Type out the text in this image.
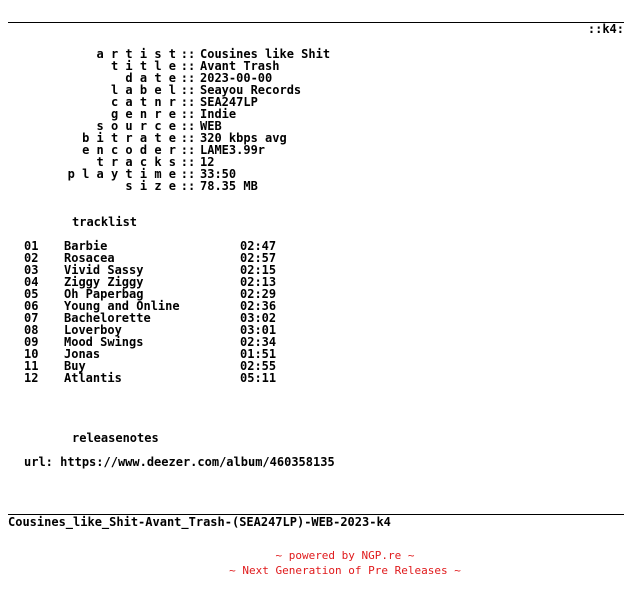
::k4:
a r t i s t :: Cousines like Shit
t i t l e :: Avant Trash
d a t e :: 2023-00-00
l a b e l :: Seayou Records
c a t n r :: SEA247LP
g e n r e :: Indie
s o u r c e :: WEB
b i t r a t e :: 320 kbps avg
e n c o d e r :: LAME3.99r
t r a c k s :: 12
p l a y t i m e :: 33:50
s i z e :: 78.35 MB
tracklist
01	Barbie	02:47
02	Rosacea	02:57
03	Vivid Sassy	02:15
04	Ziggy Ziggy	02:13
05	Oh Paperbag	02:29
06	Young and Online	02:36
07	Bachelorette	03:02
08	Loverboy	03:01
09	Mood Swings	02:34
10	Jonas	01:51
11	Buy	02:55
12	Atlantis	05:11
releasenotes
url: https://www.deezer.com/album/460358135
Cousines_like_Shit-Avant_Trash-(SEA247LP)-WEB-2023-k4
~ powered by NGP.re ~
~ Next Generation of Pre Releases ~
